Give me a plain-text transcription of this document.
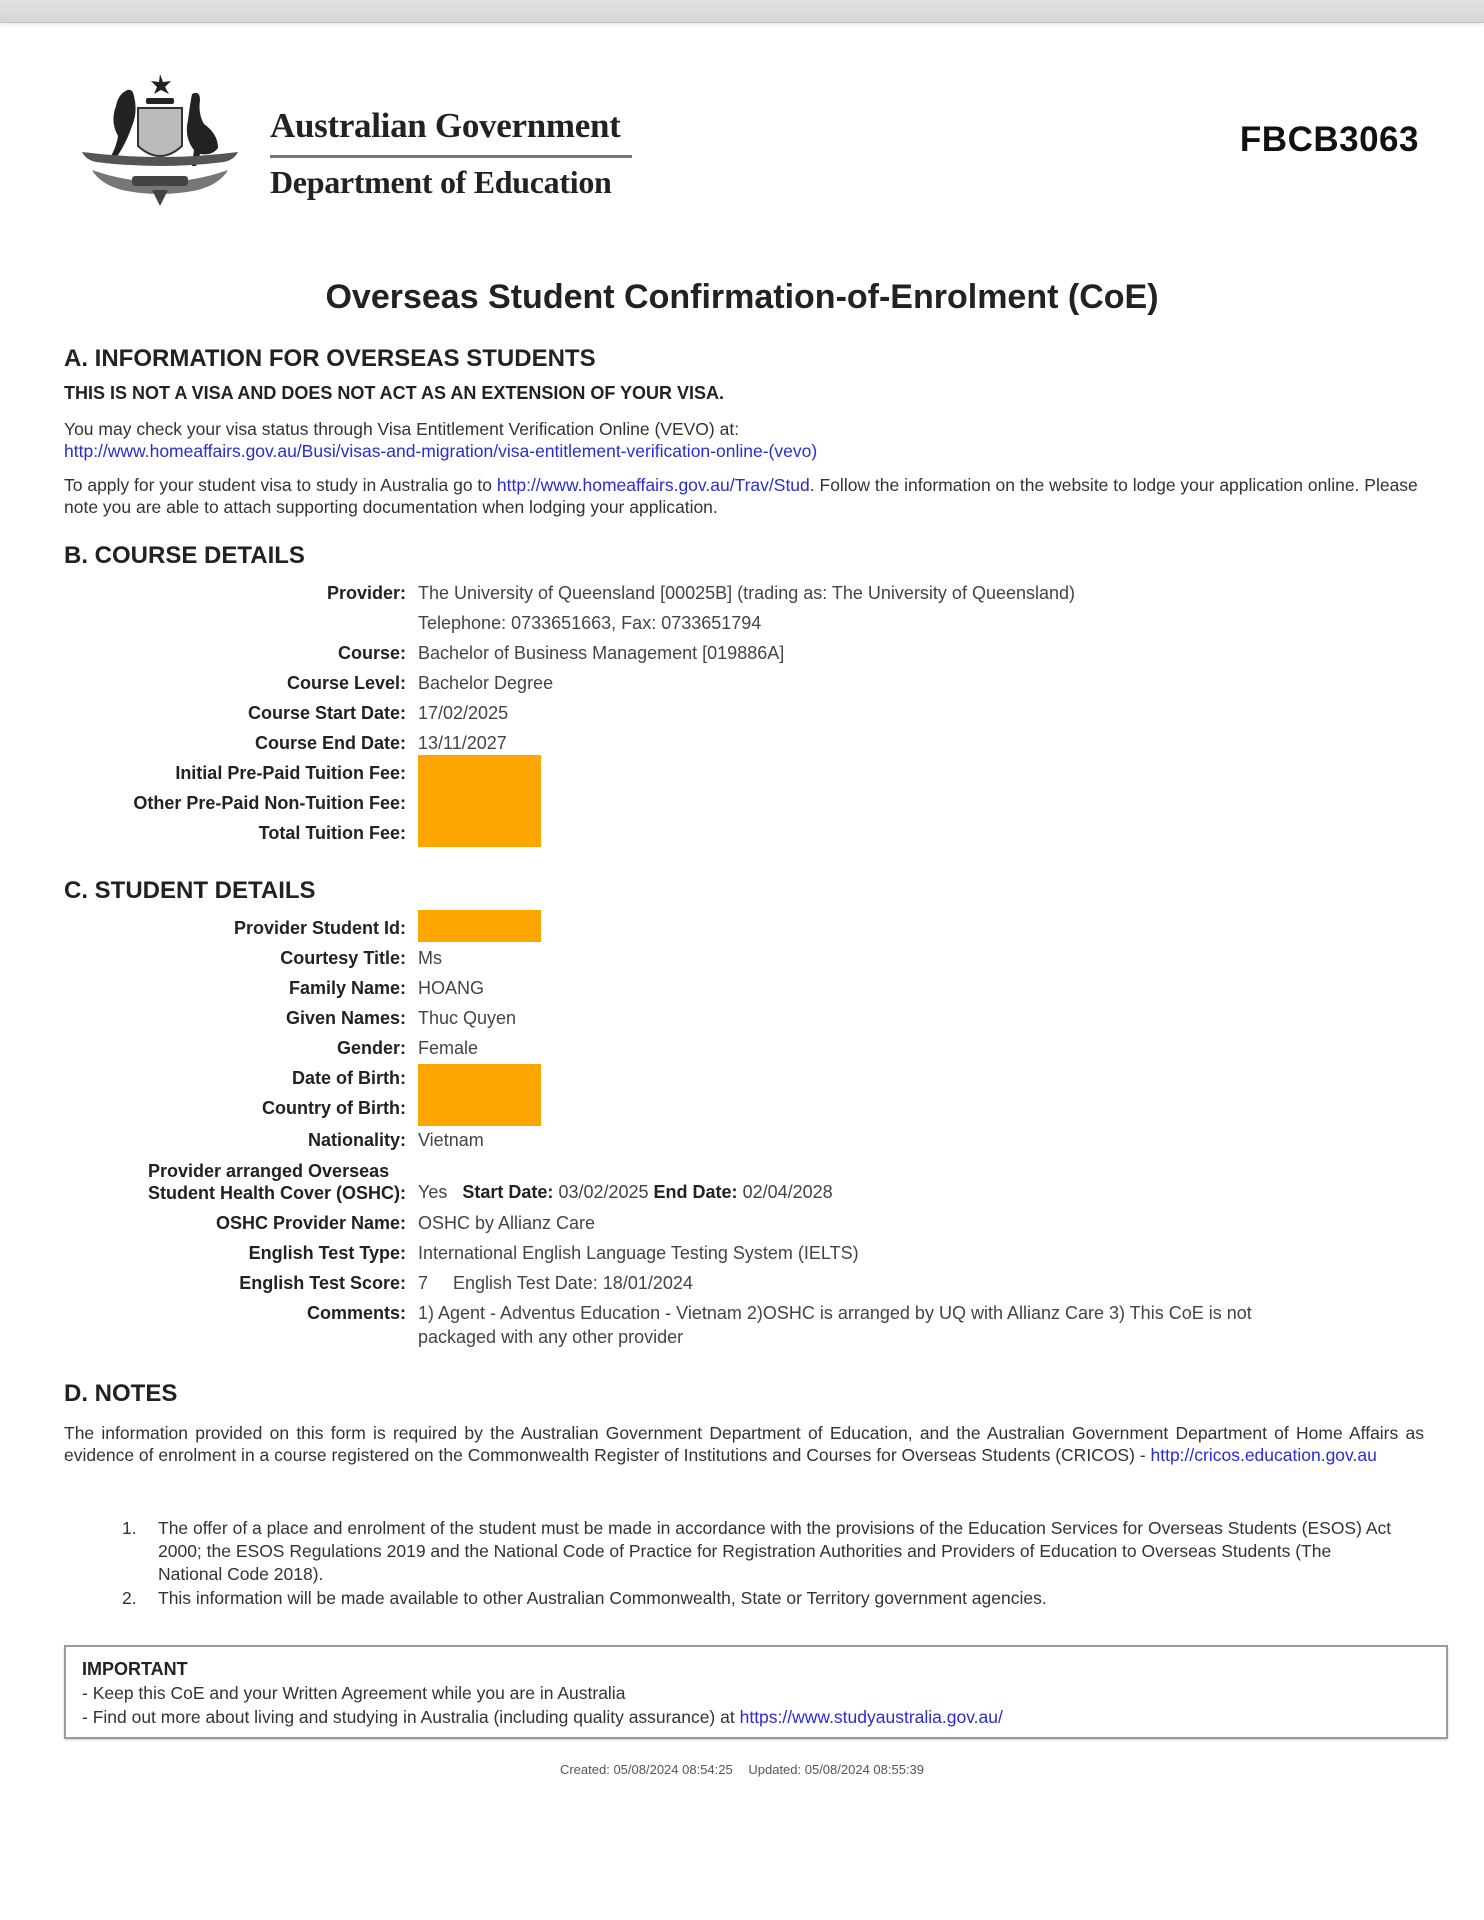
Australian Government
Department of Education
FBCB3063
Overseas Student Confirmation-of-Enrolment (CoE)
A. INFORMATION FOR OVERSEAS STUDENTS
THIS IS NOT A VISA AND DOES NOT ACT AS AN EXTENSION OF YOUR VISA.
You may check your visa status through Visa Entitlement Verification Online (VEVO) at:
http://www.homeaffairs.gov.au/Busi/visas-and-migration/visa-entitlement-verification-online-(vevo)
To apply for your student visa to study in Australia go to http://www.homeaffairs.gov.au/Trav/Stud. Follow the information on the website to lodge your application online. Please note you are able to attach supporting documentation when lodging your application.
B. COURSE DETAILS
Provider: The University of Queensland [00025B] (trading as: The University of Queensland)
Telephone: 0733651663, Fax: 0733651794
Course: Bachelor of Business Management [019886A]
Course Level: Bachelor Degree
Course Start Date: 17/02/2025
Course End Date: 13/11/2027
Initial Pre-Paid Tuition Fee:
Other Pre-Paid Non-Tuition Fee:
Total Tuition Fee:
C. STUDENT DETAILS
Provider Student Id:
Courtesy Title: Ms
Family Name: HOANG
Given Names: Thuc Quyen
Gender: Female
Date of Birth:
Country of Birth:
Nationality: Vietnam
Provider arranged Overseas
Student Health Cover (OSHC): Yes Start Date: 03/02/2025 End Date: 02/04/2028
OSHC Provider Name: OSHC by Allianz Care
English Test Type: International English Language Testing System (IELTS)
English Test Score: 7 English Test Date: 18/01/2024
Comments: 1) Agent - Adventus Education - Vietnam 2)OSHC is arranged by UQ with Allianz Care 3) This CoE is not
packaged with any other provider
D. NOTES
The information provided on this form is required by the Australian Government Department of Education, and the Australian Government Department of Home Affairs as evidence of enrolment in a course registered on the Commonwealth Register of Institutions and Courses for Overseas Students (CRICOS) - http://cricos.education.gov.au
1. The offer of a place and enrolment of the student must be made in accordance with the provisions of the Education Services for Overseas Students (ESOS) Act 2000; the ESOS Regulations 2019 and the National Code of Practice for Registration Authorities and Providers of Education to Overseas Students (The National Code 2018).
2. This information will be made available to other Australian Commonwealth, State or Territory government agencies.
IMPORTANT
- Keep this CoE and your Written Agreement while you are in Australia
- Find out more about living and studying in Australia (including quality assurance) at https://www.studyaustralia.gov.au/
Created: 05/08/2024 08:54:25 Updated: 05/08/2024 08:55:39
